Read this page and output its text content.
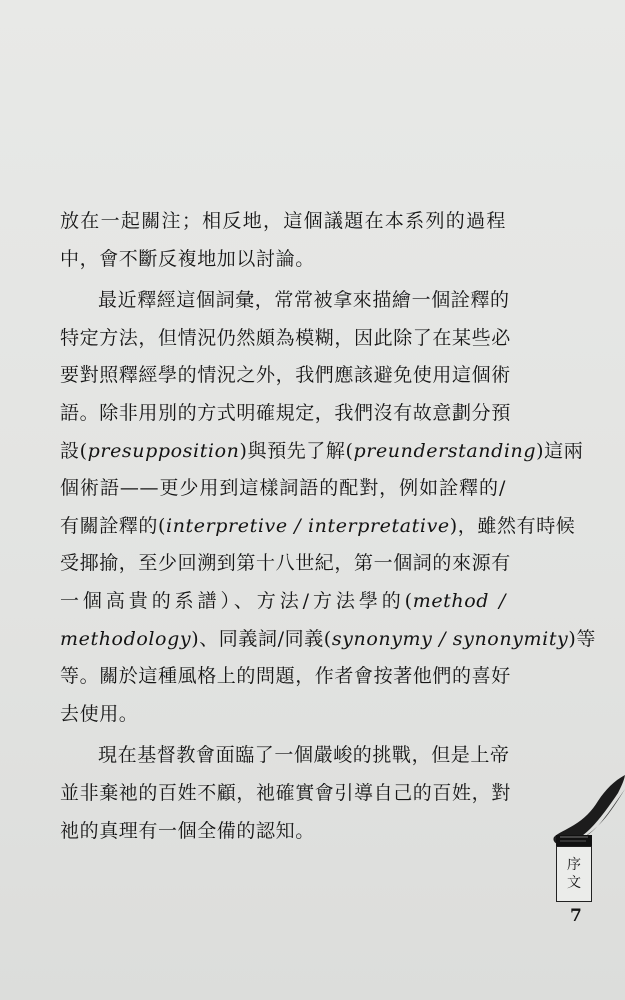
放在一起關注；相反地，這個議題在本系列的過程
中，會不斷反複地加以討論。
最近釋經這個詞彙，常常被拿來描繪一個詮釋的
特定方法，但情況仍然頗為模糊，因此除了在某些必
要對照釋經學的情況之外，我們應該避免使用這個術
語。除非用別的方式明確規定，我們沒有故意劃分預
設(presupposition)與預先了解(preunderstanding)這兩
個術語——更少用到這樣詞語的配對，例如詮釋的/
有關詮釋的(interpretive / interpretative)，雖然有時候
受揶揄，至少回溯到第十八世紀，第一個詞的來源有
一個高貴的系譜）、方法/方法學的(method /
methodology)、同義詞/同義(synonymy / synonymity)等
等。關於這種風格上的問題，作者會按著他們的喜好
去使用。
現在基督教會面臨了一個嚴峻的挑戰，但是上帝
並非棄祂的百姓不顧，祂確實會引導自己的百姓，對
祂的真理有一個全備的認知。
序
文
7
